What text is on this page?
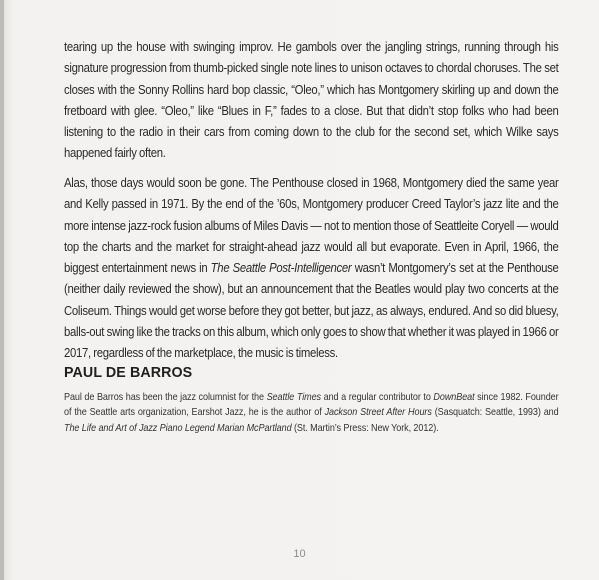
tearing up the house with swinging improv. He gambols over the jangling strings, running through his signature progression from thumb-picked single note lines to unison octaves to chordal choruses. The set closes with the Sonny Rollins hard bop classic, “Oleo,” which has Montgomery skirling up and down the fretboard with glee. “Oleo,” like “Blues in F,” fades to a close. But that didn’t stop folks who had been listening to the radio in their cars from coming down to the club for the second set, which Wilke says happened fairly often.

Alas, those days would soon be gone. The Penthouse closed in 1968, Montgomery died the same year and Kelly passed in 1971. By the end of the ’60s, Montgomery producer Creed Taylor’s jazz lite and the more intense jazz-rock fusion albums of Miles Davis — not to mention those of Seattleite Coryell — would top the charts and the market for straight-ahead jazz would all but evaporate. Even in April, 1966, the biggest entertainment news in The Seattle Post-Intelligencer wasn’t Montgomery’s set at the Penthouse (neither daily reviewed the show), but an announcement that the Beatles would play two concerts at the Coliseum. Things would get worse before they got better, but jazz, as always, endured. And so did bluesy, balls-out swing like the tracks on this album, which only goes to show that whether it was played in 1966 or 2017, regardless of the marketplace, the music is timeless.

PAUL DE BARROS

Paul de Barros has been the jazz columnist for the Seattle Times and a regular contributor to DownBeat since 1982. Founder of the Seattle arts organization, Earshot Jazz, he is the author of Jackson Street After Hours (Sasquatch: Seattle, 1993) and The Life and Art of Jazz Piano Legend Marian McPartland (St. Martin’s Press: New York, 2012).

10
